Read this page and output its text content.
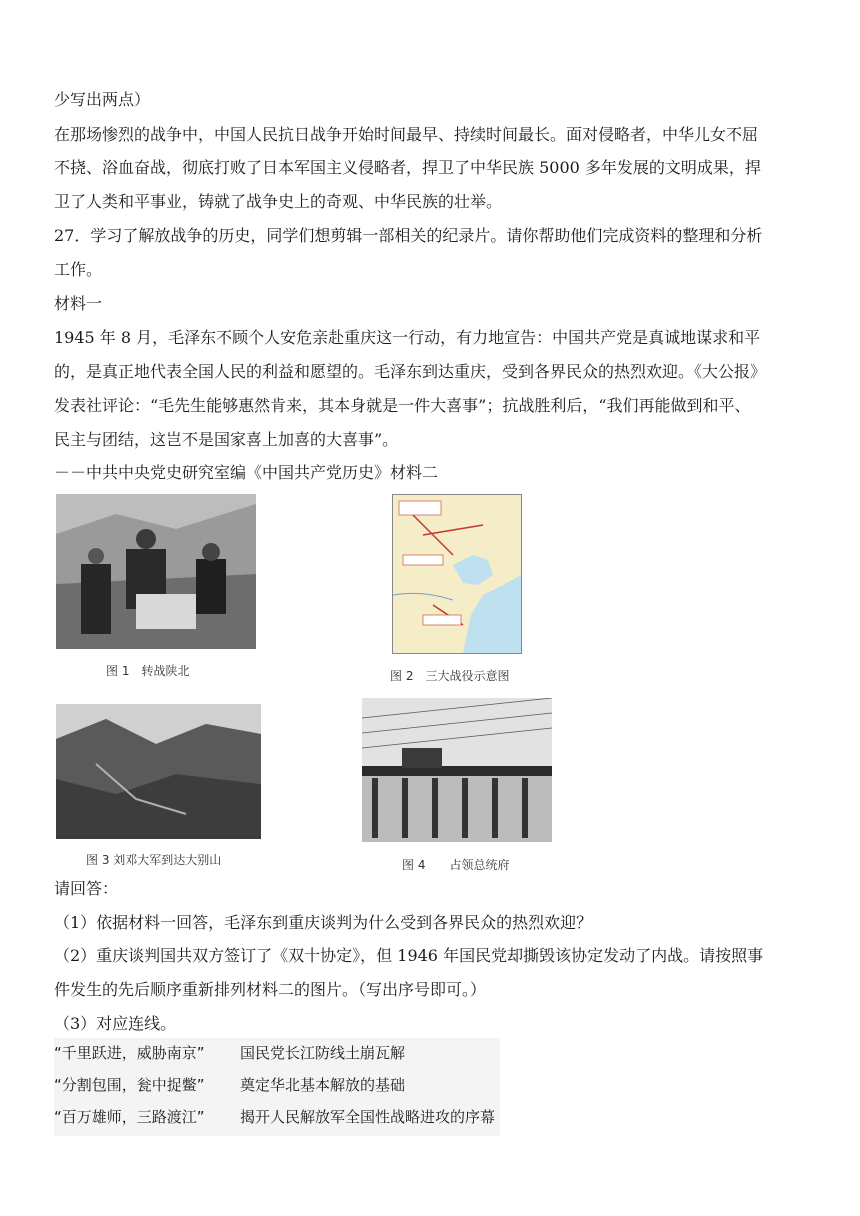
少写出两点）
在那场惨烈的战争中，中国人民抗日战争开始时间最早、持续时间最长。面对侵略者，中华儿女不屈
不挠、浴血奋战，彻底打败了日本军国主义侵略者，捍卫了中华民族 5000 多年发展的文明成果，捍
卫了人类和平事业，铸就了战争史上的奇观、中华民族的壮举。
27．学习了解放战争的历史，同学们想剪辑一部相关的纪录片。请你帮助他们完成资料的整理和分析
工作。
材料一
1945 年 8 月，毛泽东不顾个人安危亲赴重庆这一行动，有力地宣告：中国共产党是真诚地谋求和平
的，是真正地代表全国人民的利益和愿望的。毛泽东到达重庆，受到各界民众的热烈欢迎。《大公报》
发表社评论：“毛先生能够惠然肯来，其本身就是一件大喜事”；抗战胜利后，“我们再能做到和平、
民主与团结，这岂不是国家喜上加喜的大喜事”。
－－中共中央党史研究室编《中国共产党历史》材料二
图 1　转战陕北	图 2　三大战役示意图
图 3 刘邓大军到达大别山	图 4　　占领总统府
请回答：
（1）依据材料一回答，毛泽东到重庆谈判为什么受到各界民众的热烈欢迎？
（2）重庆谈判国共双方签订了《双十协定》，但 1946 年国民党却撕毁该协定发动了内战。请按照事
件发生的先后顺序重新排列材料二的图片。（写出序号即可。）
（3）对应连线。
“千里跃进，威胁南京” 国民党长江防线土崩瓦解
“分割包围，瓮中捉鳖” 奠定华北基本解放的基础
“百万雄师，三路渡江” 揭开人民解放军全国性战略进攻的序幕
